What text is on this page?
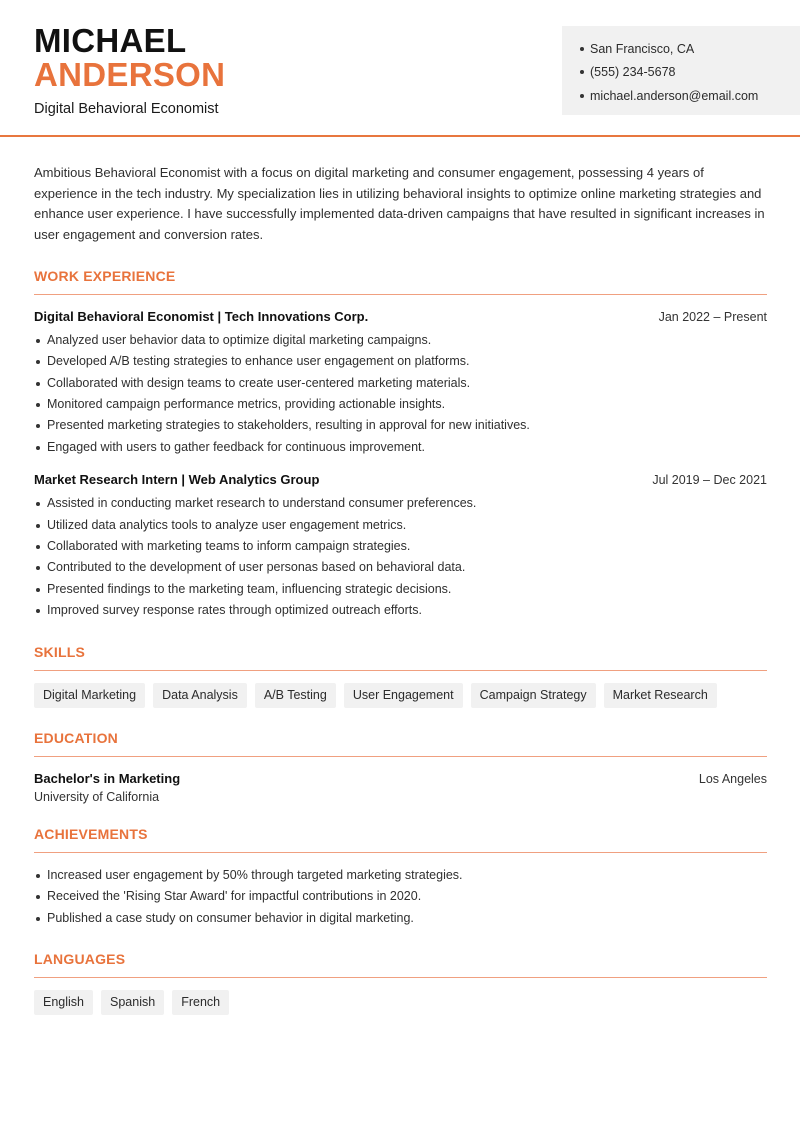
MICHAEL
ANDERSON
Digital Behavioral Economist
San Francisco, CA
(555) 234-5678
michael.anderson@email.com

Ambitious Behavioral Economist with a focus on digital marketing and consumer engagement, possessing 4 years of experience in the tech industry. My specialization lies in utilizing behavioral insights to optimize online marketing strategies and enhance user experience. I have successfully implemented data-driven campaigns that have resulted in significant increases in user engagement and conversion rates.

WORK EXPERIENCE
Digital Behavioral Economist | Tech Innovations Corp.	Jan 2022 – Present
Analyzed user behavior data to optimize digital marketing campaigns.
Developed A/B testing strategies to enhance user engagement on platforms.
Collaborated with design teams to create user-centered marketing materials.
Monitored campaign performance metrics, providing actionable insights.
Presented marketing strategies to stakeholders, resulting in approval for new initiatives.
Engaged with users to gather feedback for continuous improvement.
Market Research Intern | Web Analytics Group	Jul 2019 – Dec 2021
Assisted in conducting market research to understand consumer preferences.
Utilized data analytics tools to analyze user engagement metrics.
Collaborated with marketing teams to inform campaign strategies.
Contributed to the development of user personas based on behavioral data.
Presented findings to the marketing team, influencing strategic decisions.
Improved survey response rates through optimized outreach efforts.
SKILLS
Digital Marketing	Data Analysis	A/B Testing	User Engagement	Campaign Strategy	Market Research
EDUCATION
Bachelor's in Marketing	Los Angeles
University of California
ACHIEVEMENTS
Increased user engagement by 50% through targeted marketing strategies.
Received the 'Rising Star Award' for impactful contributions in 2020.
Published a case study on consumer behavior in digital marketing.
LANGUAGES
English	Spanish	French
